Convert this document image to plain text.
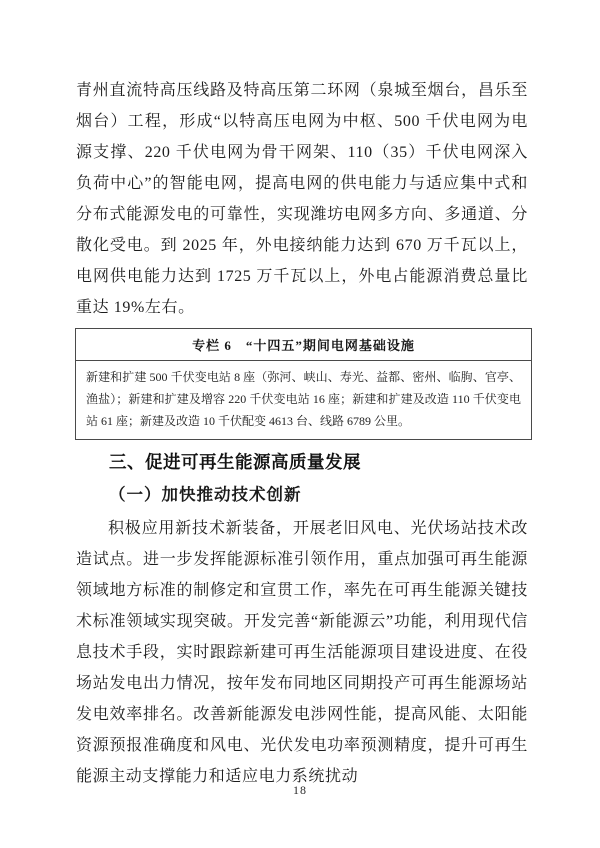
青州直流特高压线路及特高压第二环网（泉城至烟台，昌乐至烟台）工程，形成“以特高压电网为中枢、500 千伏电网为电源支撑、220 千伏电网为骨干网架、110（35）千伏电网深入负荷中心”的智能电网，提高电网的供电能力与适应集中式和分布式能源发电的可靠性，实现潍坊电网多方向、多通道、分散化受电。到 2025 年，外电接纳能力达到 670 万千瓦以上，电网供电能力达到 1725 万千瓦以上，外电占能源消费总量比重达 19%左右。

专栏 6　“十四五”期间电网基础设施
新建和扩建 500 千伏变电站 8 座（弥河、峡山、寿光、益都、密州、临朐、官亭、渔盐）；新建和扩建及增容 220 千伏变电站 16 座；新建和扩建及改造 110 千伏变电站 61 座；新建及改造 10 千伏配变 4613 台、线路 6789 公里。
三、促进可再生能源高质量发展
（一）加快推动技术创新

积极应用新技术新装备，开展老旧风电、光伏场站技术改造试点。进一步发挥能源标准引领作用，重点加强可再生能源领域地方标准的制修定和宣贯工作，率先在可再生能源关键技术标准领域实现突破。开发完善“新能源云”功能，利用现代信息技术手段，实时跟踪新建可再生活能源项目建设进度、在役场站发电出力情况，按年发布同地区同期投产可再生能源场站发电效率排名。改善新能源发电涉网性能，提高风能、太阳能资源预报准确度和风电、光伏发电功率预测精度，提升可再生能源主动支撑能力和适应电力系统扰动

18
